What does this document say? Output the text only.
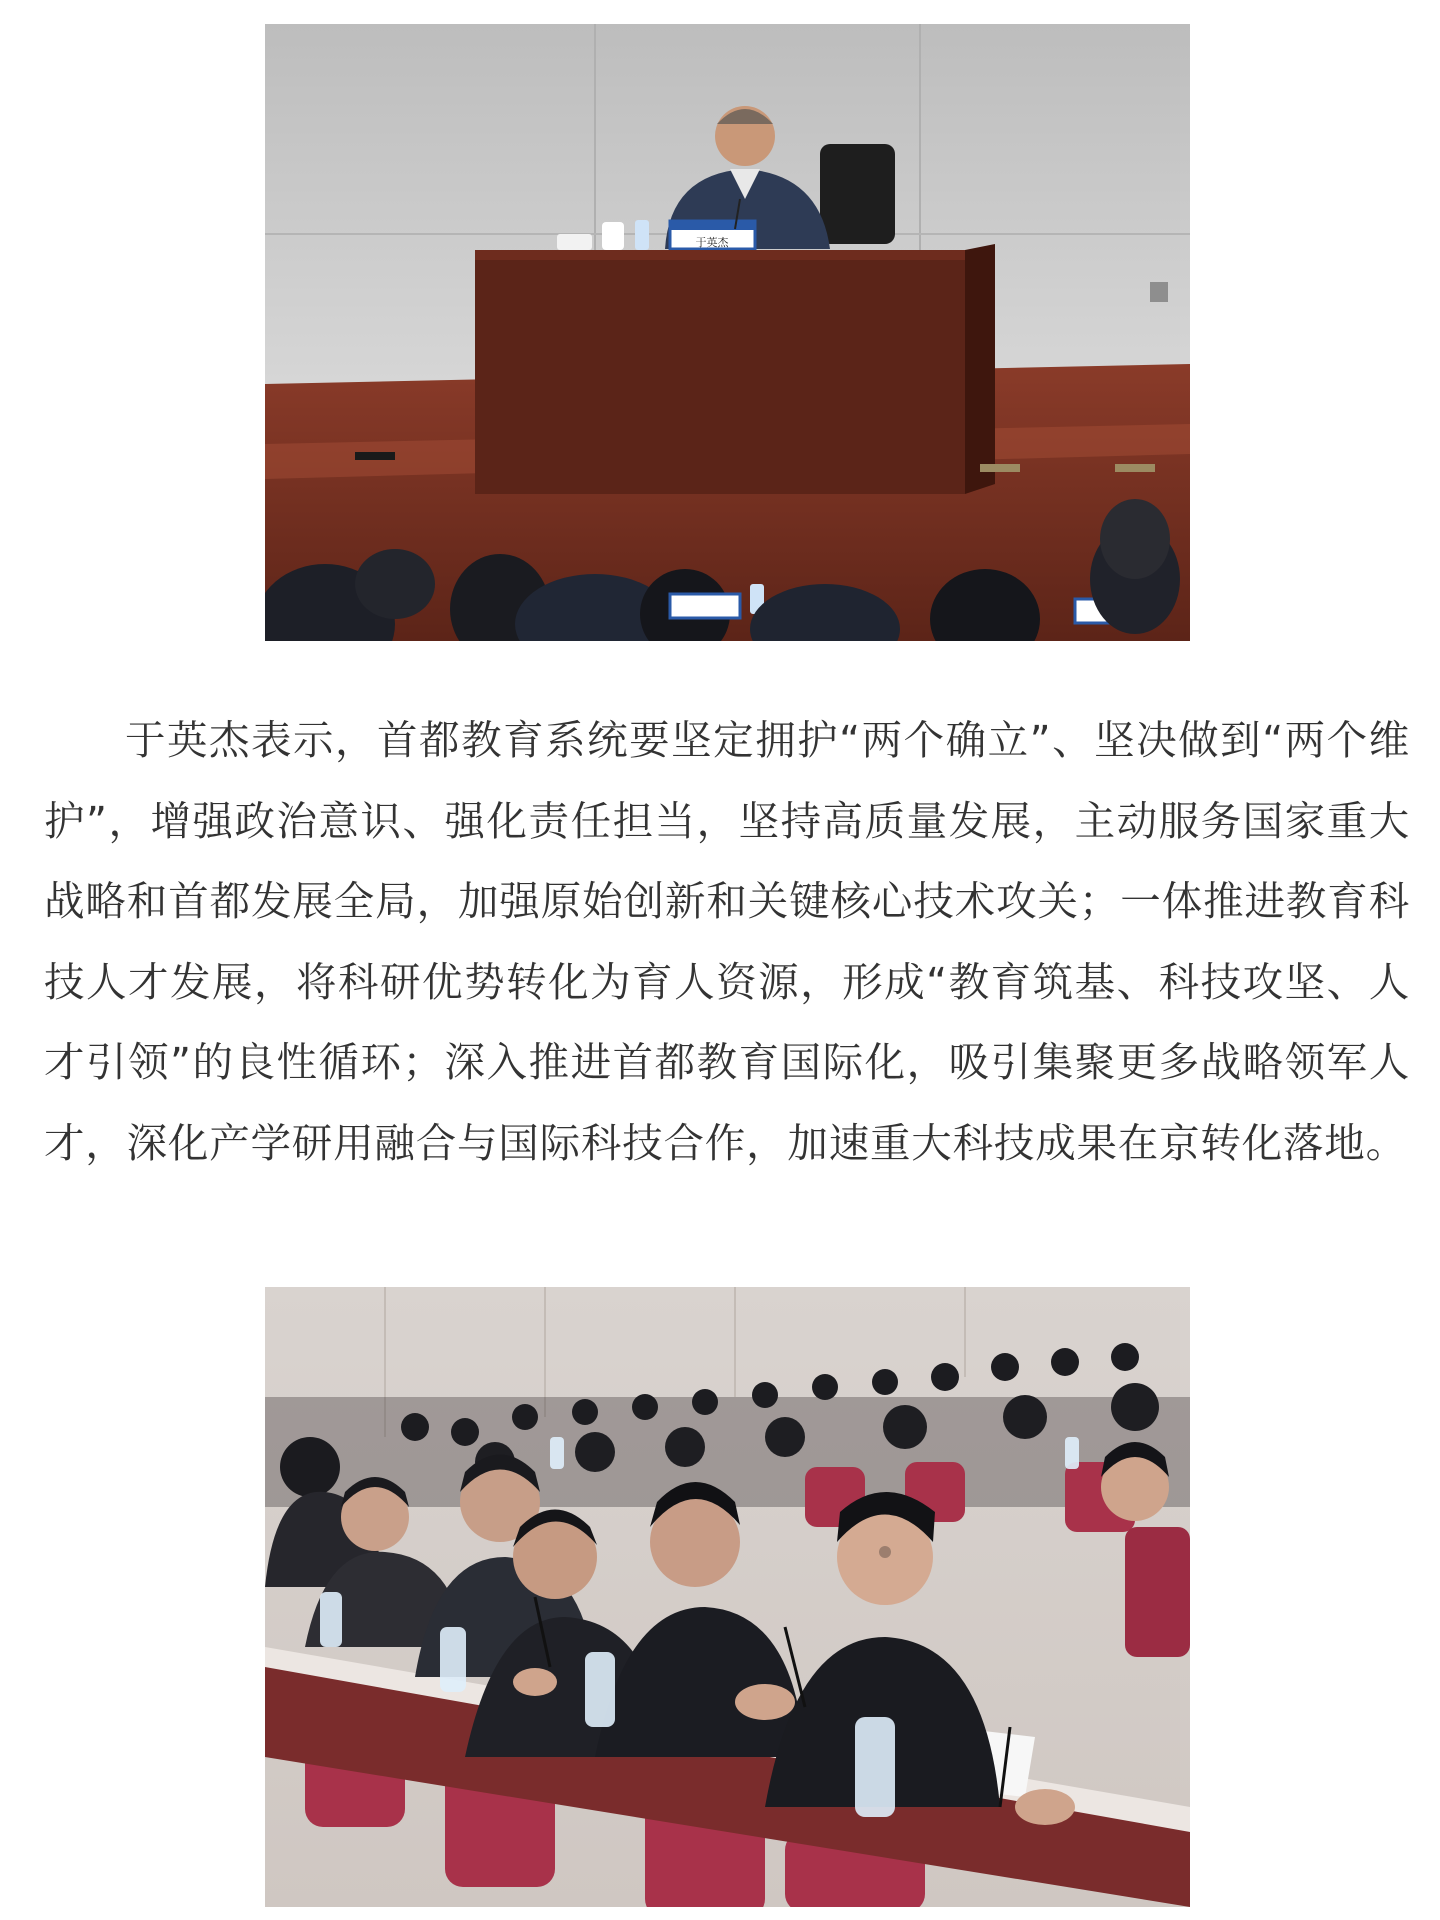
于英杰

于英杰表示，首都教育系统要坚定拥护“两个确立”、坚决做到“两个维护”，增强政治意识、强化责任担当，坚持高质量发展，主动服务国家重大战略和首都发展全局，加强原始创新和关键核心技术攻关；一体推进教育科技人才发展，将科研优势转化为育人资源，形成“教育筑基、科技攻坚、人才引领”的良性循环；深入推进首都教育国际化，吸引集聚更多战略领军人才，深化产学研用融合与国际科技合作，加速重大科技成果在京转化落地。
